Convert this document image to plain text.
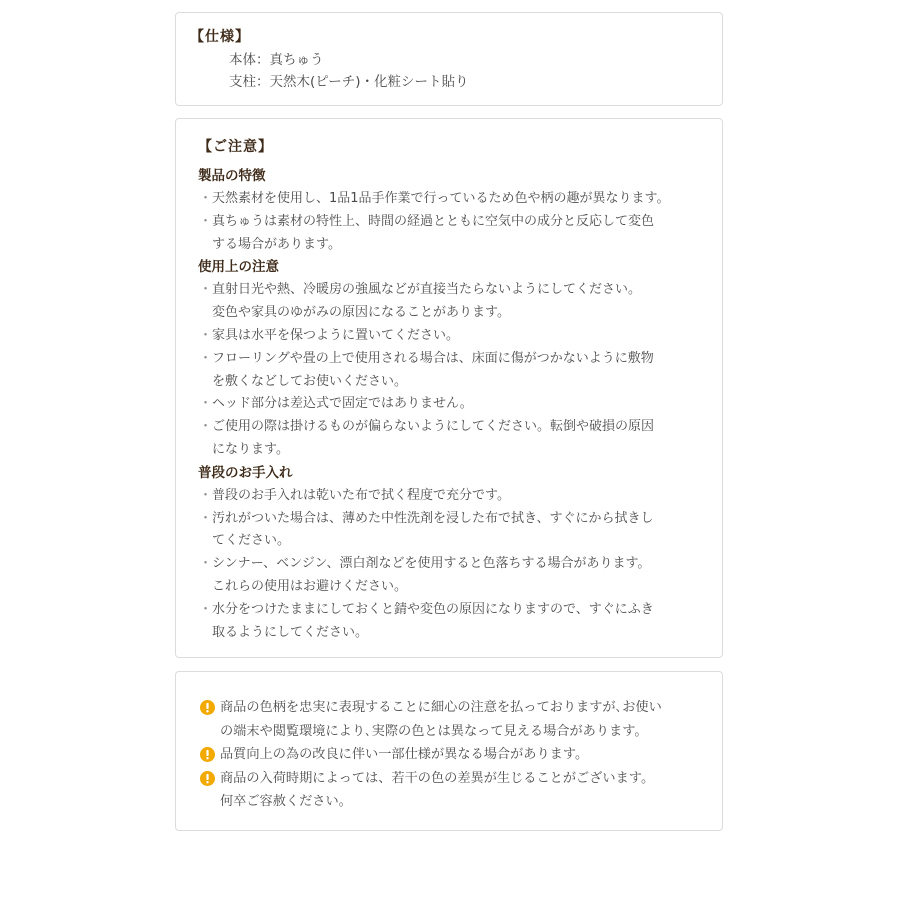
【仕様】
本体：真ちゅう
支柱：天然木(ピーチ)・化粧シート貼り
【ご注意】
製品の特徴
・ 天然素材を使用し、1品1品手作業で行っているため色や柄の趣が異なります。
・ 真ちゅうは素材の特性上、時間の経過とともに空気中の成分と反応して変色
する場合があります。
使用上の注意
・ 直射日光や熱、冷暖房の強風などが直接当たらないようにしてください。
変色や家具のゆがみの原因になることがあります。
・ 家具は水平を保つように置いてください。
・ フローリングや畳の上で使用される場合は、床面に傷がつかないように敷物
を敷くなどしてお使いください。
・ ヘッド部分は差込式で固定ではありません。
・ ご使用の際は掛けるものが偏らないようにしてください。転倒や破損の原因
になります。
普段のお手入れ
・ 普段のお手入れは乾いた布で拭く程度で充分です。
・ 汚れがついた場合は、薄めた中性洗剤を浸した布で拭き、すぐにから拭きし
てください。
・ シンナー、ベンジン、漂白剤などを使用すると色落ちする場合があります。
これらの使用はお避けください。
・ 水分をつけたままにしておくと錆や変色の原因になりますので、すぐにふき
取るようにしてください。
商品の色柄を忠実に表現することに細心の注意を払っておりますが､お使い
の端末や閲覧環境により､実際の色とは異なって見える場合があります。
品質向上の為の改良に伴い一部仕様が異なる場合があります。
商品の入荷時期によっては、若干の色の差異が生じることがございます。
何卒ご容赦ください。
